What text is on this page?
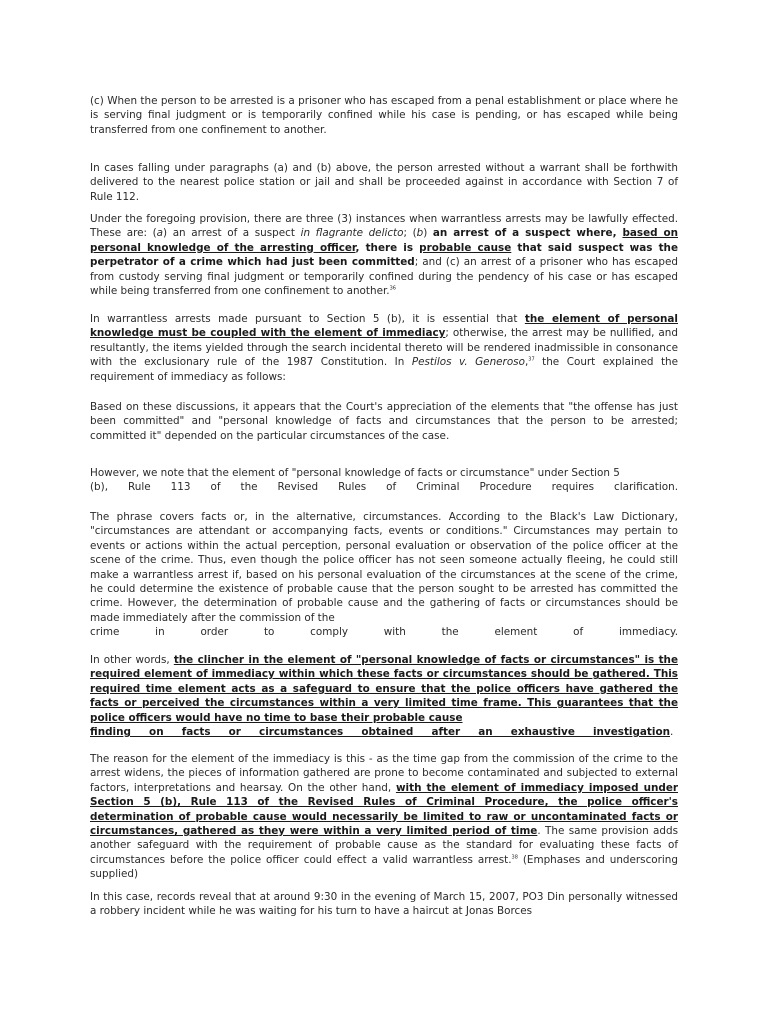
(c) When the person to be arrested is a prisoner who has escaped from a penal establishment or place where he is serving final judgment or is temporarily confined while his case is pending, or has escaped while being transferred from one confinement to another.

In cases falling under paragraphs (a) and (b) above, the person arrested without a warrant shall be forthwith delivered to the nearest police station or jail and shall be proceeded against in accordance with Section 7 of Rule 112.

Under the foregoing provision, there are three (3) instances when warrantless arrests may be lawfully effected. These are: (a) an arrest of a suspect in flagrante delicto; (b) an arrest of a suspect where, based on personal knowledge of the arresting officer, there is probable cause that said suspect was the perpetrator of a crime which had just been committed; and (c) an arrest of a prisoner who has escaped from custody serving final judgment or temporarily confined during the pendency of his case or has escaped while being transferred from one confinement to another.$^{36}$

In warrantless arrests made pursuant to Section 5 (b), it is essential that the element of personal knowledge must be coupled with the element of immediacy; otherwise, the arrest may be nullified, and resultantly, the items yielded through the search incidental thereto will be rendered inadmissible in consonance with the exclusionary rule of the 1987 Constitution. In Pestilos v. Generoso,$^{37}$ the Court explained the requirement of immediacy as follows:

Based on these discussions, it appears that the Court's appreciation of the elements that "the offense has just been committed" and "personal knowledge of facts and circumstances that the person to be arrested; committed it" depended on the particular circumstances of the case.

However, we note that the element of "personal knowledge of facts or circumstance" under Section 5
(b), Rule 113 of the Revised Rules of Criminal Procedure requires clarification.
The phrase covers facts or, in the alternative, circumstances. According to the Black's Law Dictionary, "circumstances are attendant or accompanying facts, events or conditions." Circumstances may pertain to events or actions within the actual perception, personal evaluation or observation of the police officer at the scene of the crime. Thus, even though the police officer has not seen someone actually fleeing, he could still make a warrantless arrest if, based on his personal evaluation of the circumstances at the scene of the crime, he could determine the existence of probable cause that the person sought to be arrested has committed the crime. However, the determination of probable cause and the gathering of facts or circumstances should be made immediately after the commission of the
crime in order to comply with the element of immediacy.
In other words, the clincher in the element of "personal knowledge of facts or circumstances" is the required element of immediacy within which these facts or circumstances should be gathered. This required time element acts as a safeguard to ensure that the police officers have gathered the facts or perceived the circumstances within a very limited time frame. This guarantees that the police officers would have no time to base their probable cause
finding on facts or circumstances obtained after an exhaustive investigation.

The reason for the element of the immediacy is this - as the time gap from the commission of the crime to the arrest widens, the pieces of information gathered are prone to become contaminated and subjected to external factors, interpretations and hearsay. On the other hand, with the element of immediacy imposed under Section 5 (b), Rule 113 of the Revised Rules of Criminal Procedure, the police officer's determination of probable cause would necessarily be limited to raw or uncontaminated facts or circumstances, gathered as they were within a very limited period of time. The same provision adds another safeguard with the requirement of probable cause as the standard for evaluating these facts of circumstances before the police officer could effect a valid warrantless arrest.$^{38}$ (Emphases and underscoring supplied)

In this case, records reveal that at around 9:30 in the evening of March 15, 2007, PO3 Din personally witnessed a robbery incident while he was waiting for his turn to have a haircut at Jonas Borces
